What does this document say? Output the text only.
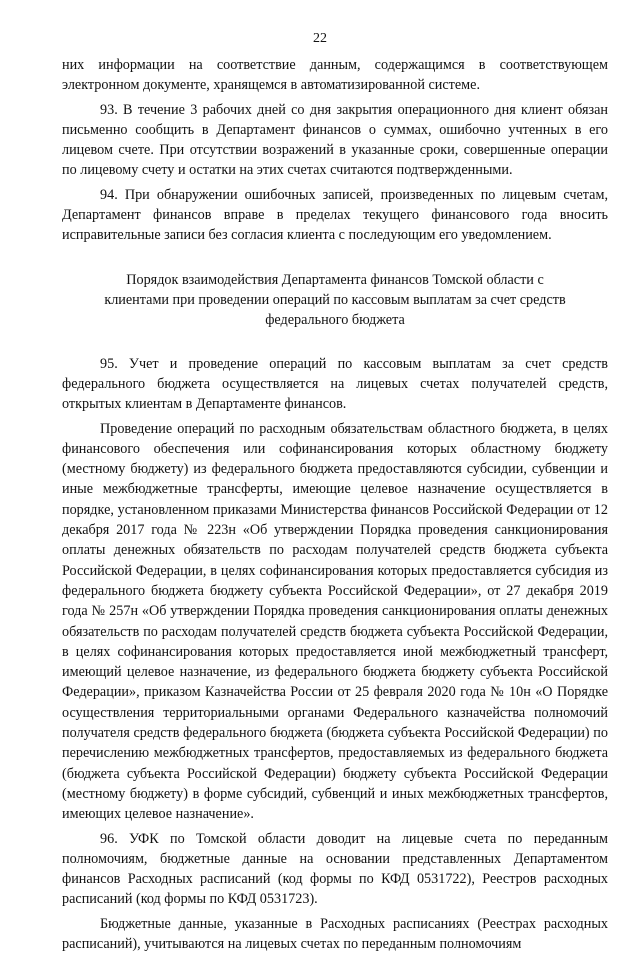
22

них информации на соответствие данным, содержащимся в соответствующем электронном документе, хранящемся в автоматизированной системе.

93. В течение 3 рабочих дней со дня закрытия операционного дня клиент обязан письменно сообщить в Департамент финансов о суммах, ошибочно учтенных в его лицевом счете. При отсутствии возражений в указанные сроки, совершенные операции по лицевому счету и остатки на этих счетах считаются подтвержденными.

94. При обнаружении ошибочных записей, произведенных по лицевым счетам, Департамент финансов вправе в пределах текущего финансового года вносить исправительные записи без согласия клиента с последующим его уведомлением.

Порядок взаимодействия Департамента финансов Томской области с клиентами при проведении операций по кассовым выплатам за счет средств федерального бюджета

95. Учет и проведение операций по кассовым выплатам за счет средств федерального бюджета осуществляется на лицевых счетах получателей средств, открытых клиентам в Департаменте финансов.

Проведение операций по расходным обязательствам областного бюджета, в целях финансового обеспечения или софинансирования которых областному бюджету (местному бюджету) из федерального бюджета предоставляются субсидии, субвенции и иные межбюджетные трансферты, имеющие целевое назначение осуществляется в порядке, установленном приказами Министерства финансов Российской Федерации от 12 декабря 2017 года № 223н «Об утверждении Порядка проведения санкционирования оплаты денежных обязательств по расходам получателей средств бюджета субъекта Российской Федерации, в целях софинансирования которых предоставляется субсидия из федерального бюджета бюджету субъекта Российской Федерации», от 27 декабря 2019 года № 257н «Об утверждении Порядка проведения санкционирования оплаты денежных обязательств по расходам получателей средств бюджета субъекта Российской Федерации, в целях софинансирования которых предоставляется иной межбюджетный трансферт, имеющий целевое назначение, из федерального бюджета бюджету субъекта Российской Федерации», приказом Казначейства России от 25 февраля 2020 года № 10н «О Порядке осуществления территориальными органами Федерального казначейства полномочий получателя средств федерального бюджета (бюджета субъекта Российской Федерации) по перечислению межбюджетных трансфертов, предоставляемых из федерального бюджета (бюджета субъекта Российской Федерации) бюджету субъекта Российской Федерации (местному бюджету) в форме субсидий, субвенций и иных межбюджетных трансфертов, имеющих целевое назначение».

96. УФК по Томской области доводит на лицевые счета по переданным полномочиям, бюджетные данные на основании представленных Департаментом финансов Расходных расписаний (код формы по КФД 0531722), Реестров расходных расписаний (код формы по КФД 0531723).

Бюджетные данные, указанные в Расходных расписаниях (Реестрах расходных расписаний), учитываются на лицевых счетах по переданным полномочиям
